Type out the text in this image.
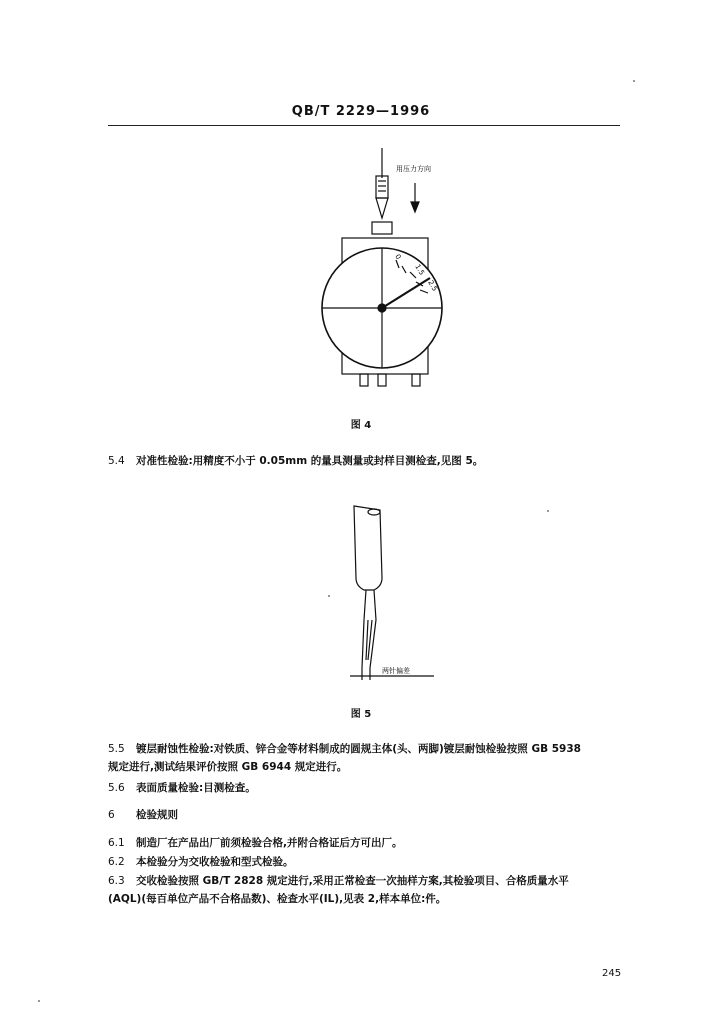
QB/T 2229—1996
用压力方向
0
1.5
2.5
图 4
5.4 对准性检验:用精度不小于 0.05mm 的量具测量或封样目测检查,见图 5。
两针偏差
图 5
5.5 镀层耐蚀性检验:对铁质、锌合金等材料制成的圆规主体(头、两脚)镀层耐蚀检验按照 GB 5938
规定进行,测试结果评价按照 GB 6944 规定进行。
5.6 表面质量检验:目测检查。
6 检验规则
6.1 制造厂在产品出厂前须检验合格,并附合格证后方可出厂。
6.2 本检验分为交收检验和型式检验。
6.3 交收检验按照 GB/T 2828 规定进行,采用正常检查一次抽样方案,其检验项目、合格质量水平
(AQL)(每百单位产品不合格品数)、检查水平(IL),见表 2,样本单位:件。
245
